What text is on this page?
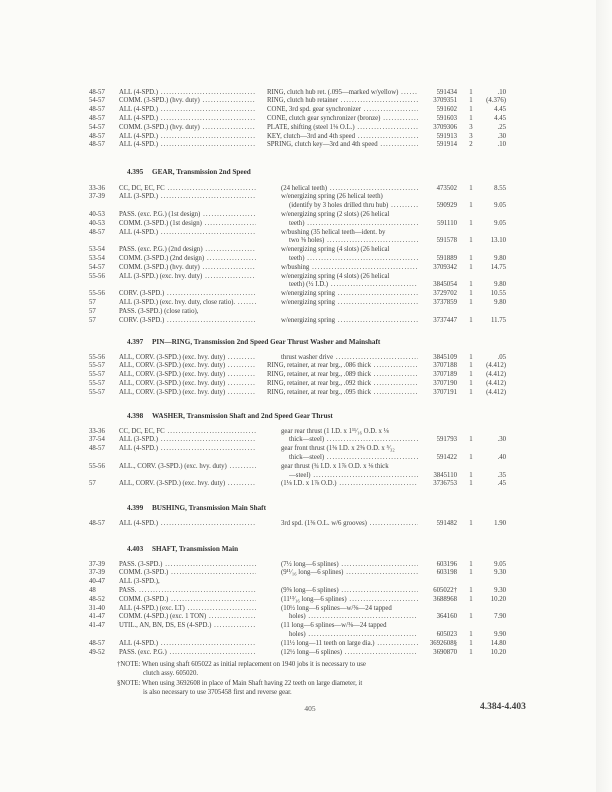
48-57	ALL (4-SPD.) .....	RING, clutch hub ret. (.095—marked w/yellow) .....	591434	1	.10
54-57	COMM. (3-SPD.) (hvy. duty) .....	RING, clutch hub retainer .....	3709351	1	(4.376)
48-57	ALL (4-SPD.) .....	CONE, 3rd spd. gear synchronizer .....	591602	1	4.45
48-57	ALL (4-SPD.) .....	CONE, clutch gear synchronizer (bronze) .....	591603	1	4.45
54-57	COMM. (3-SPD.) (hvy. duty) .....	PLATE, shifting (steel 1⅛ O.L.) .....	3709306	3	.25
48-57	ALL (4-SPD.) .....	KEY, clutch—3rd and 4th speed .....	591913	3	.30
48-57	ALL (4-SPD.) .....	SPRING, clutch key—3rd and 4th speed .....	591914	2	.10
4.395 GEAR, Transmission 2nd Speed
33-36	CC, DC, EC, FC .....	(24 helical teeth) .....	473502	1	8.55
37-39	ALL (3-SPD.) .....	w/energizing spring (26 helical teeth)
(identify by 3 holes drilled thru hub) .....	590929	1	9.05
40-53	PASS. (exc. P.G.) (1st design) .....	w/energizing spring (2 slots) (26 helical
40-53	COMM. (3-SPD.) (1st design) .....	teeth) .....	591110	1	9.05
48-57	ALL (4-SPD.) .....	w/bushing (35 helical teeth—ident. by
two ⅝ holes) .....	591578	1	13.10
53-54	PASS. (exc. P.G.) (2nd design) .....	w/energizing spring (4 slots) (26 helical
53-54	COMM. (3-SPD.) (2nd design) .....	teeth) .....	591889	1	9.80
54-57	COMM. (3-SPD.) (hvy. duty) .....	w/bushing .....	3709342	1	14.75
55-56	ALL (3-SPD.) (exc. hvy. duty) .....	w/energizing spring (4 slots) (26 helical
teeth) (½ I.D.) .....	3845054	1	9.80
55-56	CORV. (3-SPD.) .....	w/energizing spring .....	3729702	1	10.55
57	ALL (3-SPD.) (exc. hvy. duty, close ratio). .....	w/energizing spring .....	3737859	1	9.80
57	PASS. (3-SPD.) (close ratio),
57	CORV. (3-SPD.) .....	w/energizing spring .....	3737447	1	11.75
4.397 PIN—RING, Transmission 2nd Speed Gear Thrust Washer and Mainshaft
55-56	ALL, CORV. (3-SPD.) (exc. hvy. duty) .....	thrust washer drive .....	3845109	1	.05
55-57	ALL, CORV. (3-SPD.) (exc. hvy. duty) .....	RING, retainer, at rear brg., .086 thick .....	3707188	1	(4.412)
55-57	ALL, CORV. (3-SPD.) (exc. hvy. duty) .....	RING, retainer, at rear brg., .089 thick .....	3707189	1	(4.412)
55-57	ALL, CORV. (3-SPD.) (exc. hvy. duty) .....	RING, retainer, at rear brg., .092 thick .....	3707190	1	(4.412)
55-57	ALL, CORV. (3-SPD.) (exc. hvy. duty) .....	RING, retainer, at rear brg., .095 thick .....	3707191	1	(4.412)
4.398 WASHER, Transmission Shaft and 2nd Speed Gear Thrust
33-36	CC, DC, EC, FC .....	gear rear thrust (1 I.D. x 1¹¹⁄₁₆ O.D. x ⅛
37-54	ALL (3-SPD.) .....	thick—steel) .....	591793	1	.30
48-57	ALL (4-SPD.) .....	gear front thrust (1⅜ I.D. x 2⅜ O.D. x ⁵⁄₃₂
thick—steel) .....	591422	1	.40
55-56	ALL., CORV. (3-SPD.) (exc. hvy. duty) .....	gear thrust (¾ I.D. x 1⅞ O.D. x ⅛ thick
—steel) .....	3845110	1	.35
57	ALL, CORV. (3-SPD.) (exc. hvy. duty) .....	(1⅛ I.D. x 1⅞ O.D.) .....	3736753	1	.45
4.399 BUSHING, Transmission Main Shaft
48-57	ALL (4-SPD.) .....	3rd spd. (1⅜ O.L. w/6 grooves) .....	591482	1	1.90
4.403 SHAFT, Transmission Main
37-39	PASS. (3-SPD.) .....	(7½ long—6 splines) .....	603196	1	9.05
37-39	COMM. (3-SPD.) .....	(9¹¹⁄₁₆ long—6 splines) .....	603198	1	9.30
40-47	ALL (3-SPD.),
48	PASS. .....	(9⅝ long—6 splines) .....	605022†	1	9.30
48-52	COMM. (3-SPD.) .....	(11¹³⁄₁₆ long—6 splines) .....	3688968	1	10.20
31-40	ALL (4-SPD.) (exc. LT) .....	(10½ long—6 splines—w/⅜—24 tapped
41-47	COMM. (4-SPD.) (exc. 1 TON) .....	holes) .....	364160	1	7.90
41-47	UTIL., AN, BN, DS, ES (4-SPD.) .....	(11 long—6 splines—w/⅜—24 tapped
holes) .....	605023	1	9.90
48-57	ALL (4-SPD.) .....	(11½ long—11 teeth on large dia.) .....	3692608§	1	14.80
49-52	PASS. (exc. P.G.) .....	(12½ long—6 splines) .....	3690870	1	10.20
†NOTE: When using shaft 605022 as initial replacement on 1940 jobs it is necessary to use
clutch assy. 605020.
§NOTE: When using 3692608 in place of Main Shaft having 22 teeth on large diameter, it
is also necessary to use 3705458 first and reverse gear.
405	4.384-4.403
